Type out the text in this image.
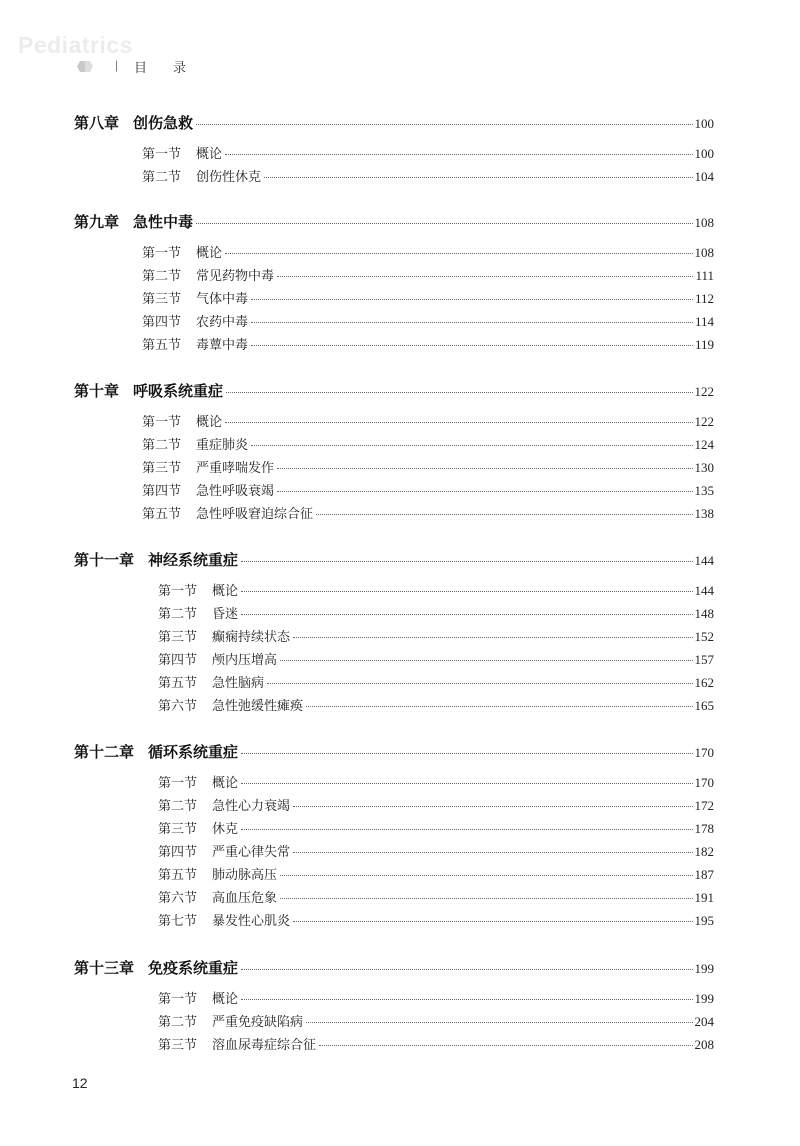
Pediatrics
| 目录
第八章 创伤急救	100
第一节 概论	100
第二节 创伤性休克	104
第九章 急性中毒	108
第一节 概论	108
第二节 常见药物中毒	111
第三节 气体中毒	112
第四节 农药中毒	114
第五节 毒蕈中毒	119
第十章 呼吸系统重症	122
第一节 概论	122
第二节 重症肺炎	124
第三节 严重哮喘发作	130
第四节 急性呼吸衰竭	135
第五节 急性呼吸窘迫综合征	138
第十一章 神经系统重症	144
第一节 概论	144
第二节 昏迷	148
第三节 癫痫持续状态	152
第四节 颅内压增高	157
第五节 急性脑病	162
第六节 急性弛缓性瘫痪	165
第十二章 循环系统重症	170
第一节 概论	170
第二节 急性心力衰竭	172
第三节 休克	178
第四节 严重心律失常	182
第五节 肺动脉高压	187
第六节 高血压危象	191
第七节 暴发性心肌炎	195
第十三章 免疫系统重症	199
第一节 概论	199
第二节 严重免疫缺陷病	204
第三节 溶血尿毒症综合征	208
12
